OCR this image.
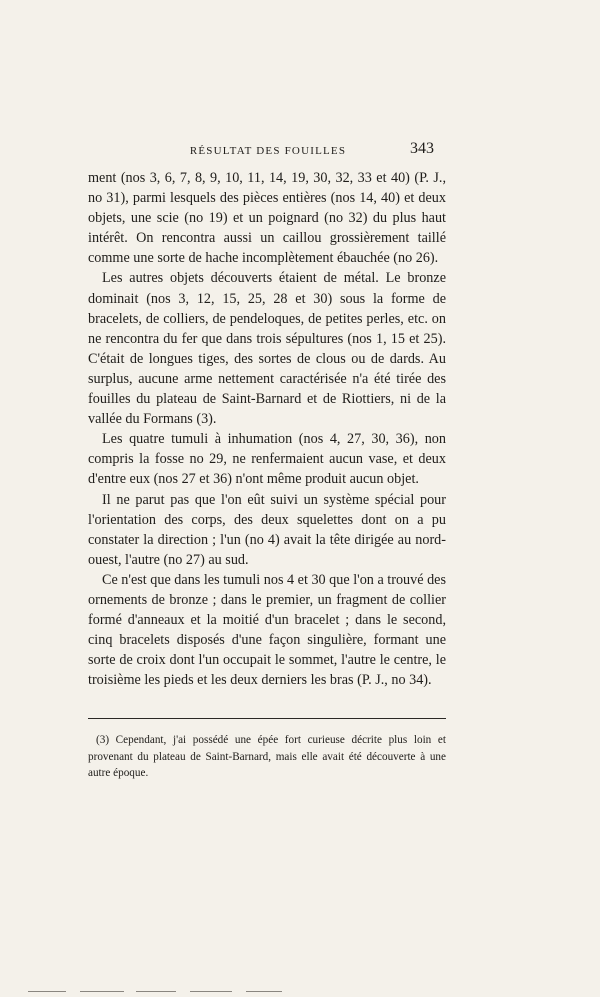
RÉSULTAT DES FOUILLES	343

ment (nos 3, 6, 7, 8, 9, 10, 11, 14, 19, 30, 32, 33 et 40) (P. J., no 31), parmi lesquels des pièces entières (nos 14, 40) et deux objets, une scie (no 19) et un poignard (no 32) du plus haut intérêt. On rencontra aussi un caillou grossièrement taillé comme une sorte de hache incomplètement ébauchée (no 26).

Les autres objets découverts étaient de métal. Le bronze dominait (nos 3, 12, 15, 25, 28 et 30) sous la forme de bracelets, de colliers, de pendeloques, de petites perles, etc. on ne rencontra du fer que dans trois sépultures (nos 1, 15 et 25). C'était de longues tiges, des sortes de clous ou de dards. Au surplus, aucune arme nettement caractérisée n'a été tirée des fouilles du plateau de Saint-Barnard et de Riottiers, ni de la vallée du Formans (3).

Les quatre tumuli à inhumation (nos 4, 27, 30, 36), non compris la fosse no 29, ne renfermaient aucun vase, et deux d'entre eux (nos 27 et 36) n'ont même produit aucun objet.

Il ne parut pas que l'on eût suivi un système spécial pour l'orientation des corps, des deux squelettes dont on a pu constater la direction ; l'un (no 4) avait la tête dirigée au nord-ouest, l'autre (no 27) au sud.

Ce n'est que dans les tumuli nos 4 et 30 que l'on a trouvé des ornements de bronze ; dans le premier, un fragment de collier formé d'anneaux et la moitié d'un bracelet ; dans le second, cinq bracelets disposés d'une façon singulière, formant une sorte de croix dont l'un occupait le sommet, l'autre le centre, le troisième les pieds et les deux derniers les bras (P. J., no 34).

(3) Cependant, j'ai possédé une épée fort curieuse décrite plus loin et provenant du plateau de Saint-Barnard, mais elle avait été découverte à une autre époque.
